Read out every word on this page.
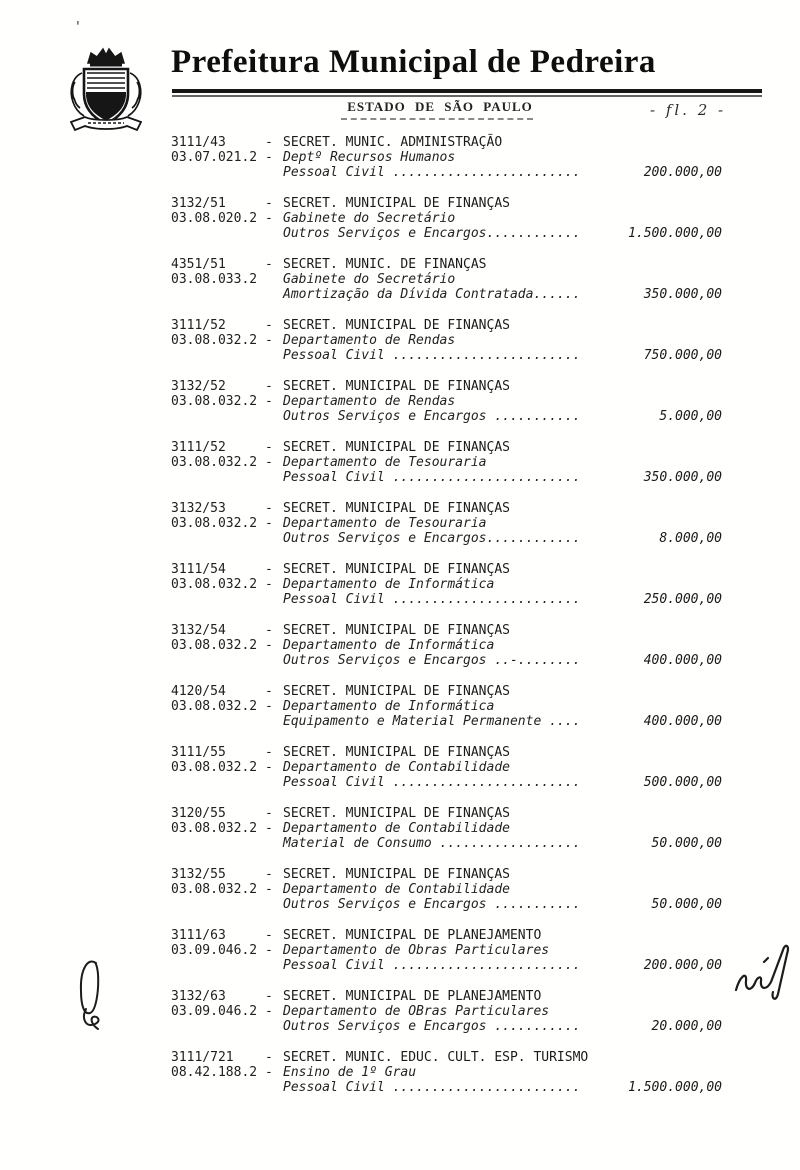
'
Prefeitura Municipal de Pedreira
ESTADO DE SÃO PAULO	- fl. 2 -
3111/43	- SECRET. MUNIC. ADMINISTRAÇÃO
03.07.021.2 - Deptº Recursos Humanos
Pessoal Civil ........................	200.000,00
3132/51	- SECRET. MUNICIPAL DE FINANÇAS
03.08.020.2 - Gabinete do Secretário
Outros Serviços e Encargos............	1.500.000,00
4351/51	- SECRET. MUNIC. DE FINANÇAS
03.08.033.2	Gabinete do Secretário
Amortização da Dívida Contratada......	350.000,00
3111/52	- SECRET. MUNICIPAL DE FINANÇAS
03.08.032.2 - Departamento de Rendas
Pessoal Civil ........................	750.000,00
3132/52	- SECRET. MUNICIPAL DE FINANÇAS
03.08.032.2 - Departamento de Rendas
Outros Serviços e Encargos ...........	5.000,00
3111/52	- SECRET. MUNICIPAL DE FINANÇAS
03.08.032.2 - Departamento de Tesouraria
Pessoal Civil ........................	350.000,00
3132/53	- SECRET. MUNICIPAL DE FINANÇAS
03.08.032.2 - Departamento de Tesouraria
Outros Serviços e Encargos............	8.000,00
3111/54	- SECRET. MUNICIPAL DE FINANÇAS
03.08.032.2 - Departamento de Informática
Pessoal Civil ........................	250.000,00
3132/54	- SECRET. MUNICIPAL DE FINANÇAS
03.08.032.2 - Departamento de Informática
Outros Serviços e Encargos ..-........	400.000,00
4120/54	- SECRET. MUNICIPAL DE FINANÇAS
03.08.032.2 - Departamento de Informática
Equipamento e Material Permanente ....	400.000,00
3111/55	- SECRET. MUNICIPAL DE FINANÇAS
03.08.032.2 - Departamento de Contabilidade
Pessoal Civil ........................	500.000,00
3120/55	- SECRET. MUNICIPAL DE FINANÇAS
03.08.032.2 - Departamento de Contabilidade
Material de Consumo ..................	50.000,00
3132/55	- SECRET. MUNICIPAL DE FINANÇAS
03.08.032.2 - Departamento de Contabilidade
Outros Serviços e Encargos ...........	50.000,00
3111/63	- SECRET. MUNICIPAL DE PLANEJAMENTO
03.09.046.2 - Departamento de Obras Particulares
Pessoal Civil ........................	200.000,00
3132/63	- SECRET. MUNICIPAL DE PLANEJAMENTO
03.09.046.2 - Departamento de OBras Particulares
Outros Serviços e Encargos ...........	20.000,00
3111/721	- SECRET. MUNIC. EDUC. CULT. ESP. TURISMO
08.42.188.2 - Ensino de 1º Grau
Pessoal Civil ........................	1.500.000,00
